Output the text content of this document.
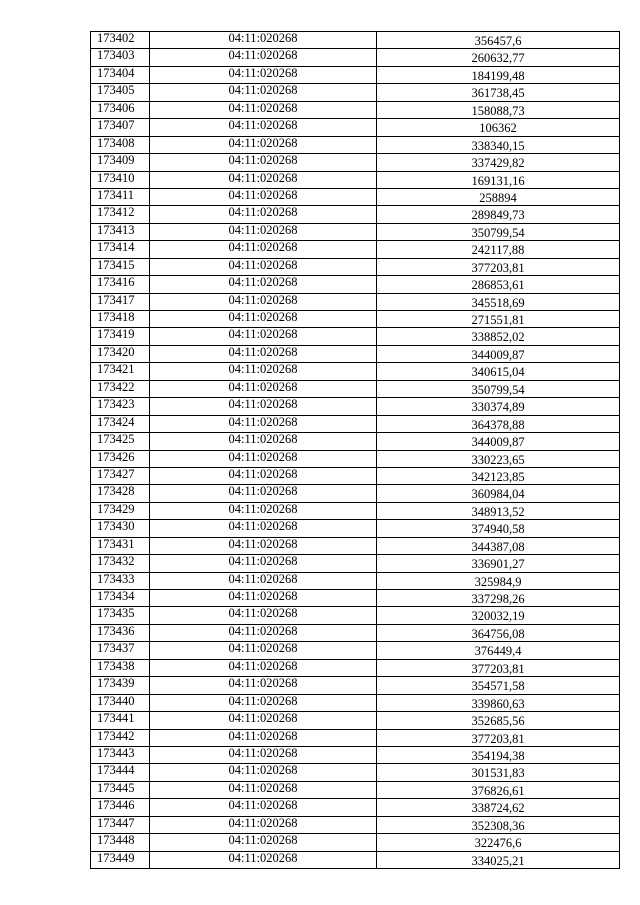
173402	04:11:020268	356457,6
173403	04:11:020268	260632,77
173404	04:11:020268	184199,48
173405	04:11:020268	361738,45
173406	04:11:020268	158088,73
173407	04:11:020268	106362
173408	04:11:020268	338340,15
173409	04:11:020268	337429,82
173410	04:11:020268	169131,16
173411	04:11:020268	258894
173412	04:11:020268	289849,73
173413	04:11:020268	350799,54
173414	04:11:020268	242117,88
173415	04:11:020268	377203,81
173416	04:11:020268	286853,61
173417	04:11:020268	345518,69
173418	04:11:020268	271551,81
173419	04:11:020268	338852,02
173420	04:11:020268	344009,87
173421	04:11:020268	340615,04
173422	04:11:020268	350799,54
173423	04:11:020268	330374,89
173424	04:11:020268	364378,88
173425	04:11:020268	344009,87
173426	04:11:020268	330223,65
173427	04:11:020268	342123,85
173428	04:11:020268	360984,04
173429	04:11:020268	348913,52
173430	04:11:020268	374940,58
173431	04:11:020268	344387,08
173432	04:11:020268	336901,27
173433	04:11:020268	325984,9
173434	04:11:020268	337298,26
173435	04:11:020268	320032,19
173436	04:11:020268	364756,08
173437	04:11:020268	376449,4
173438	04:11:020268	377203,81
173439	04:11:020268	354571,58
173440	04:11:020268	339860,63
173441	04:11:020268	352685,56
173442	04:11:020268	377203,81
173443	04:11:020268	354194,38
173444	04:11:020268	301531,83
173445	04:11:020268	376826,61
173446	04:11:020268	338724,62
173447	04:11:020268	352308,36
173448	04:11:020268	322476,6
173449	04:11:020268	334025,21
